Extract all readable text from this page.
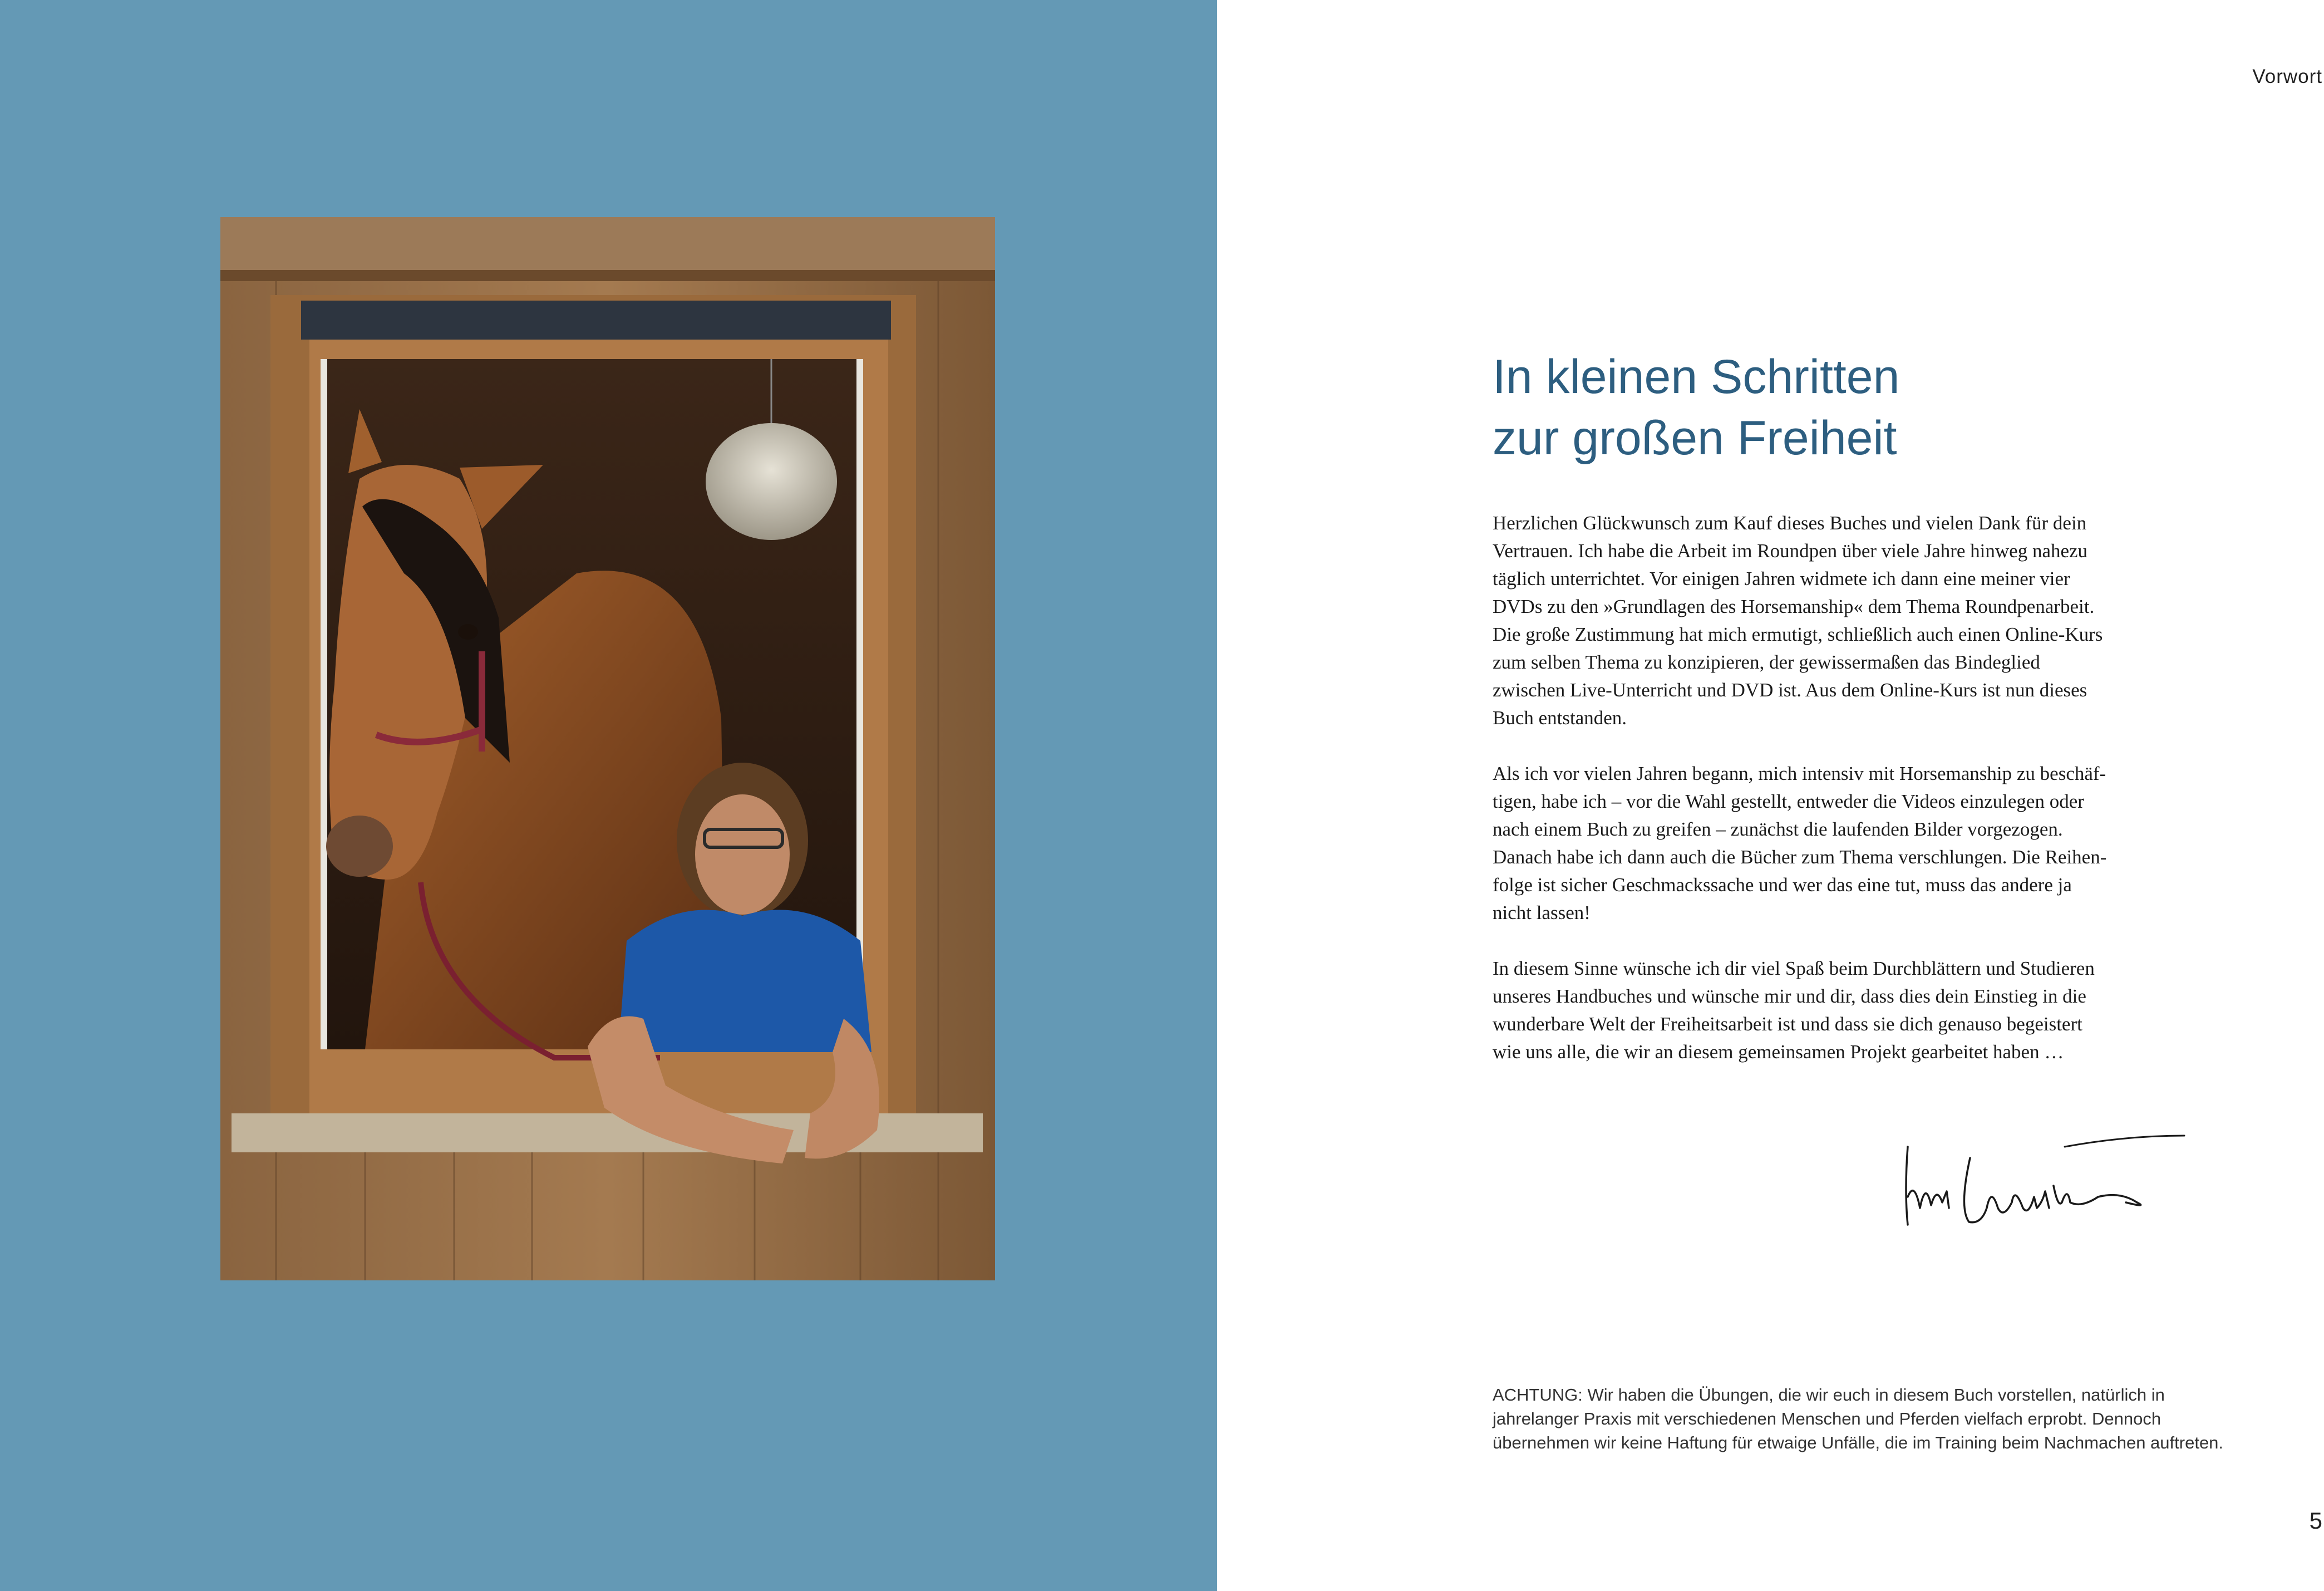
Vorwort
In kleinen Schritten
zur großen Freiheit

Herzlichen Glückwunsch zum Kauf dieses Buches und vielen Dank für dein
Vertrauen. Ich habe die Arbeit im Roundpen über viele Jahre hinweg nahezu
täglich unterrichtet. Vor einigen Jahren widmete ich dann eine meiner vier
DVDs zu den »Grundlagen des Horsemanship« dem Thema Roundpenarbeit.
Die große Zustimmung hat mich ermutigt, schließlich auch einen Online-Kurs
zum selben Thema zu konzipieren, der gewissermaßen das Bindeglied
zwischen Live-Unterricht und DVD ist. Aus dem Online-Kurs ist nun dieses
Buch entstanden.

Als ich vor vielen Jahren begann, mich intensiv mit Horsemanship zu beschäf-
tigen, habe ich – vor die Wahl gestellt, entweder die Videos einzulegen oder
nach einem Buch zu greifen – zunächst die laufenden Bilder vorgezogen.
Danach habe ich dann auch die Bücher zum Thema verschlungen. Die Reihen-
folge ist sicher Geschmackssache und wer das eine tut, muss das andere ja
nicht lassen!

In diesem Sinne wünsche ich dir viel Spaß beim Durchblättern und Studieren
unseres Handbuches und wünsche mir und dir, dass dies dein Einstieg in die
wunderbare Welt der Freiheitsarbeit ist und dass sie dich genauso begeistert
wie uns alle, die wir an diesem gemeinsamen Projekt gearbeitet haben …

ACHTUNG: Wir haben die Übungen, die wir euch in diesem Buch vorstellen, natürlich in
jahrelanger Praxis mit verschiedenen Menschen und Pferden vielfach erprobt. Dennoch
übernehmen wir keine Haftung für etwaige Unfälle, die im Training beim Nachmachen auftreten.
5
